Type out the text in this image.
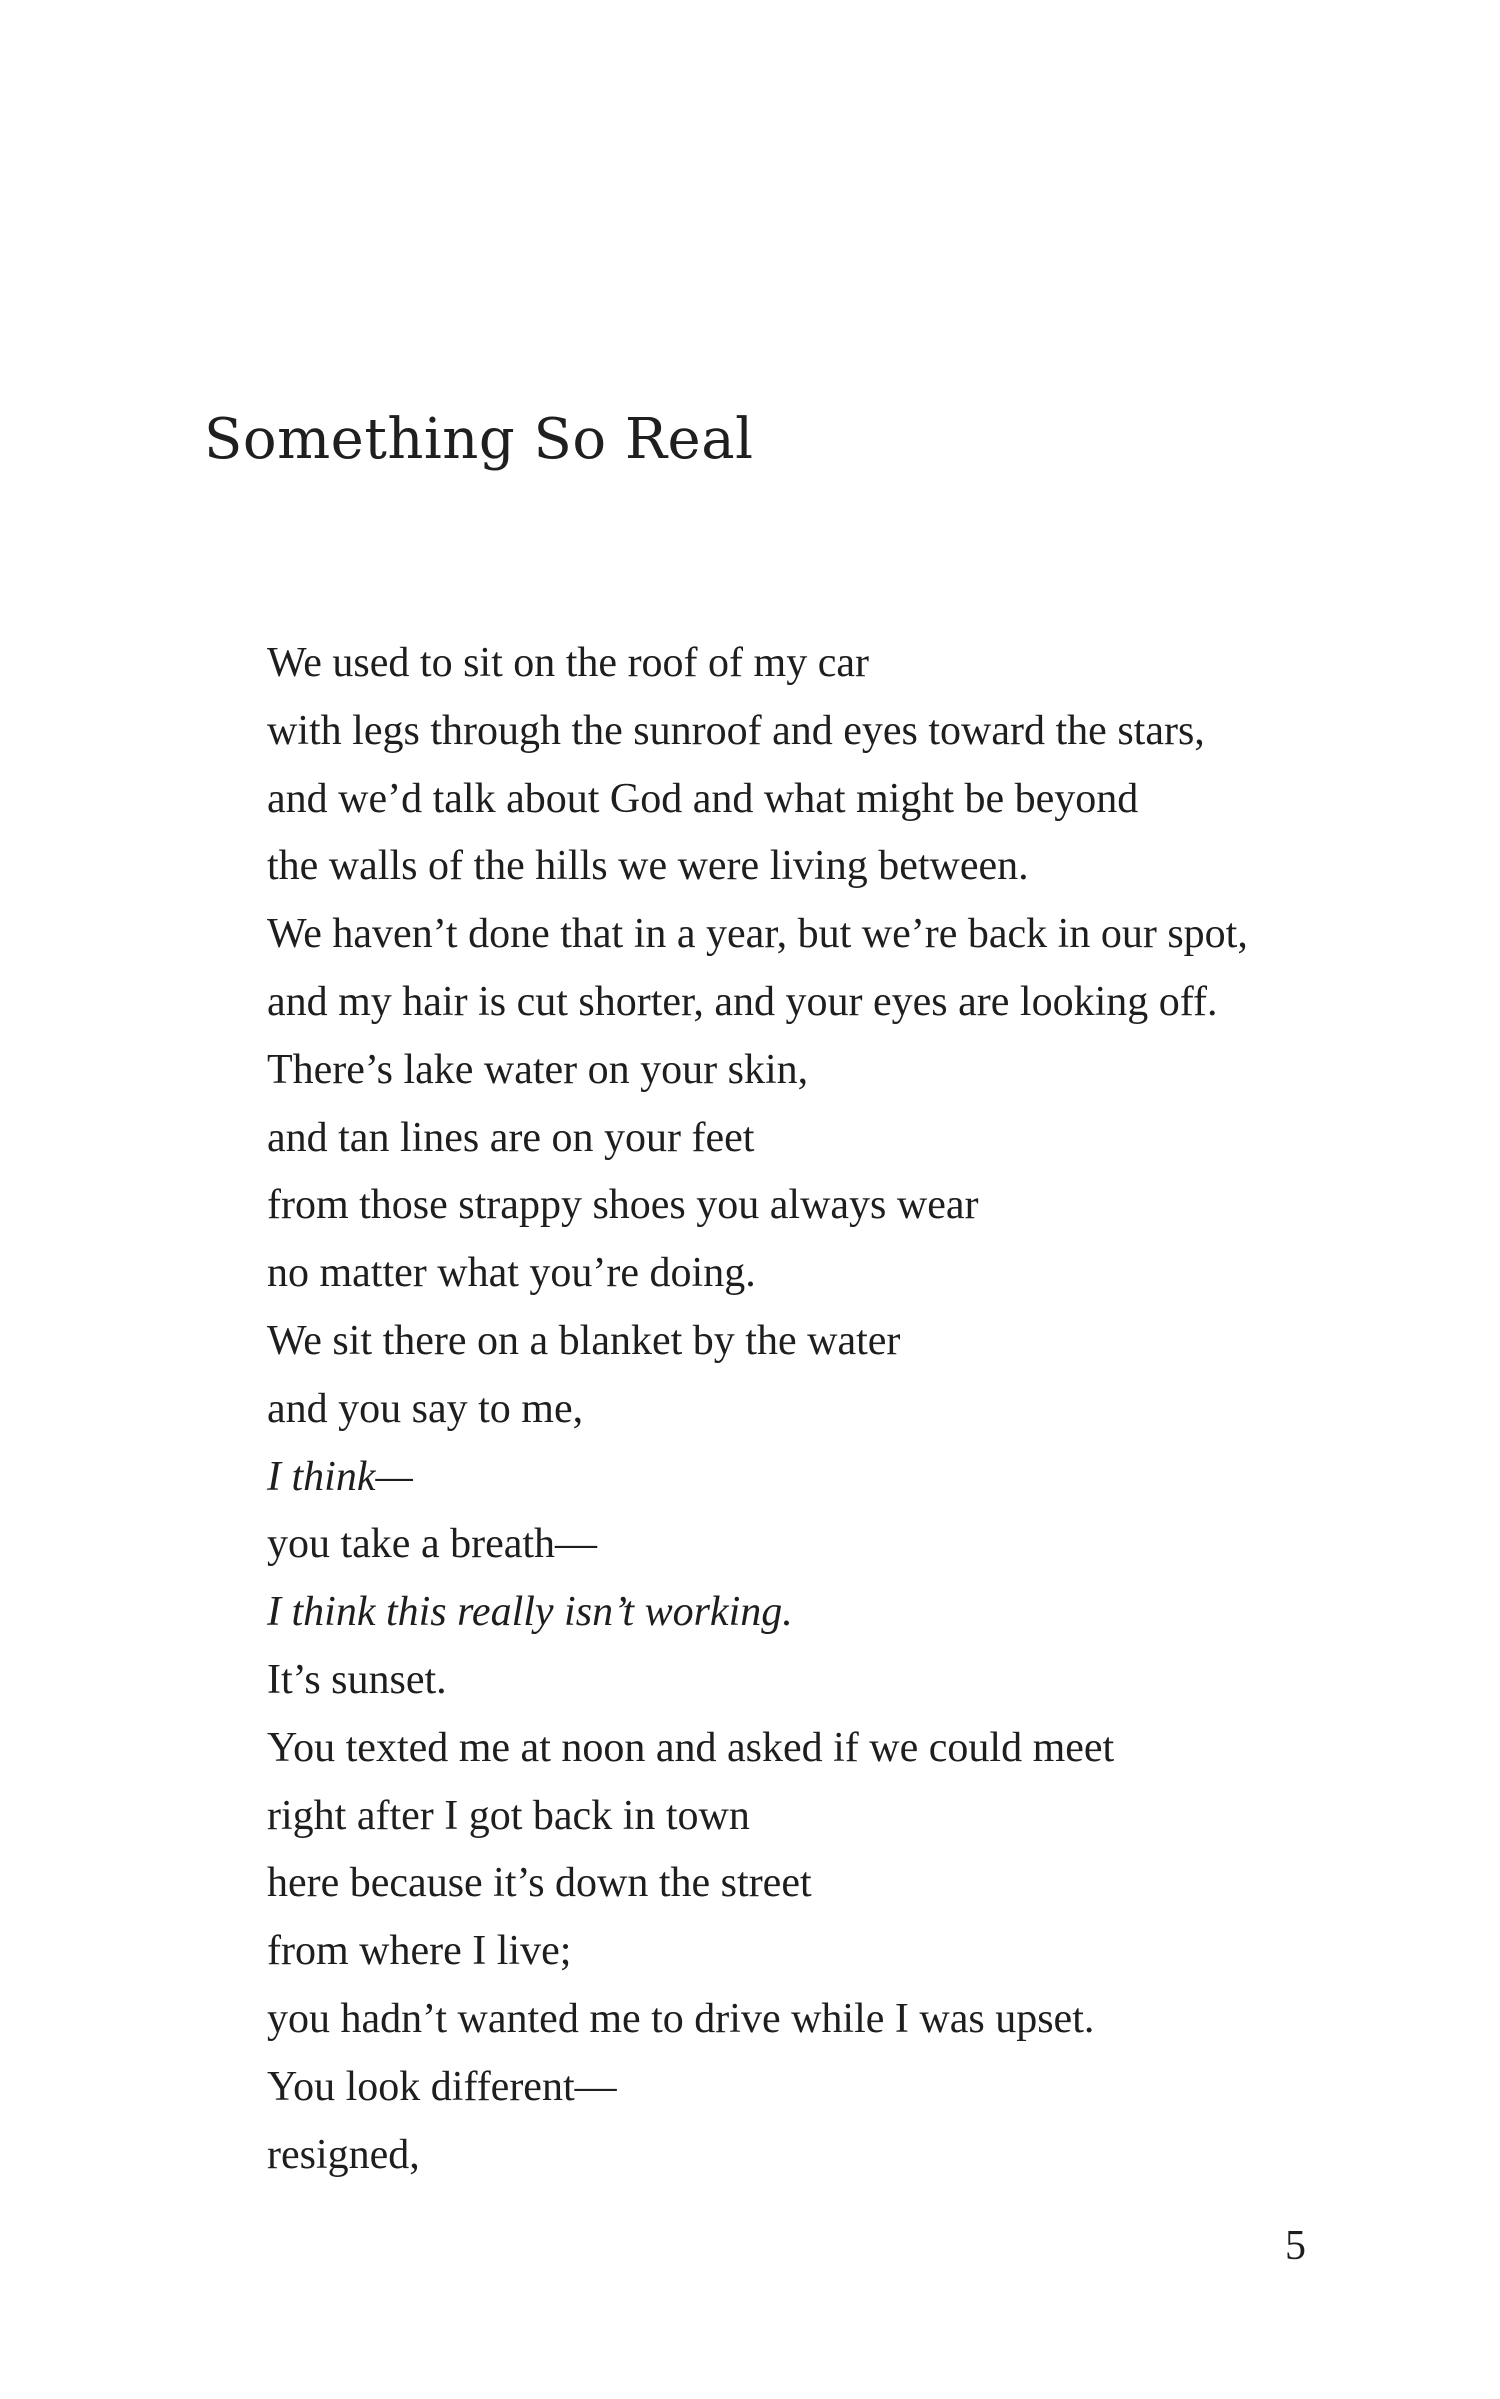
Something So Real
We used to sit on the roof of my car
with legs through the sunroof and eyes toward the stars,
and we’d talk about God and what might be beyond
the walls of the hills we were living between.
We haven’t done that in a year, but we’re back in our spot,
and my hair is cut shorter, and your eyes are looking off.
There’s lake water on your skin,
and tan lines are on your feet
from those strappy shoes you always wear
no matter what you’re doing.
We sit there on a blanket by the water
and you say to me,
I think—
you take a breath—
I think this really isn’t working.
It’s sunset.
You texted me at noon and asked if we could meet
right after I got back in town
here because it’s down the street
from where I live;
you hadn’t wanted me to drive while I was upset.
You look different—
resigned,
5
